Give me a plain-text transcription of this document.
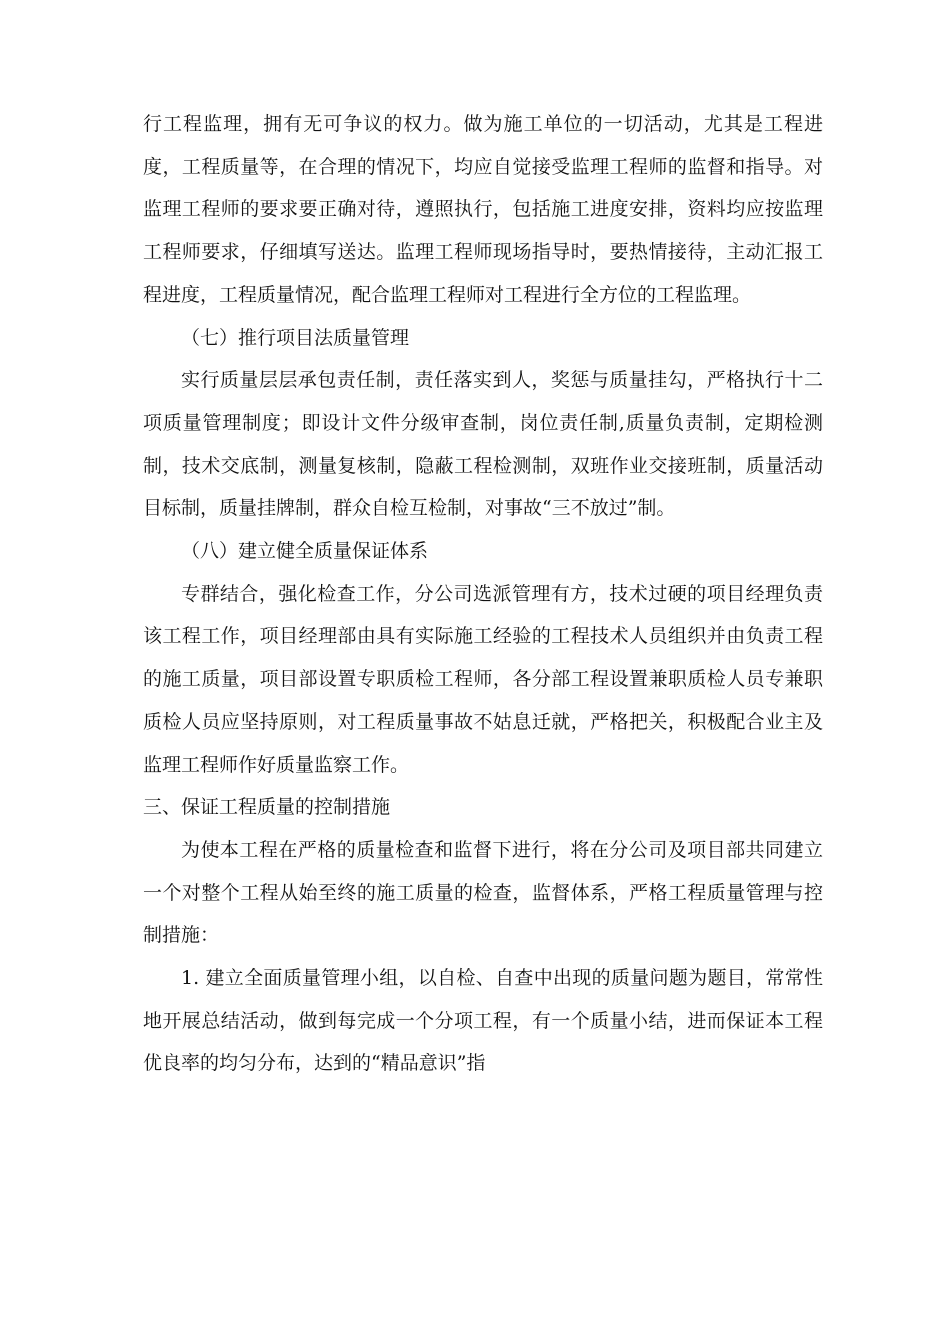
行工程监理，拥有无可争议的权力。做为施工单位的一切活动，尤其是工程进度，工程质量等，在合理的情况下，均应自觉接受监理工程师的监督和指导。对监理工程师的要求要正确对待，遵照执行，包括施工进度安排，资料均应按监理工程师要求，仔细填写送达。监理工程师现场指导时，要热情接待，主动汇报工程进度，工程质量情况，配合监理工程师对工程进行全方位的工程监理。

（七）推行项目法质量管理

实行质量层层承包责任制，责任落实到人，奖惩与质量挂勾，严格执行十二项质量管理制度；即设计文件分级审查制，岗位责任制,质量负责制，定期检测制，技术交底制，测量复核制，隐蔽工程检测制，双班作业交接班制，质量活动目标制，质量挂牌制，群众自检互检制，对事故“三不放过”制。

（八）建立健全质量保证体系

专群结合，强化检查工作，分公司选派管理有方，技术过硬的项目经理负责该工程工作，项目经理部由具有实际施工经验的工程技术人员组织并由负责工程的施工质量，项目部设置专职质检工程师，各分部工程设置兼职质检人员专兼职质检人员应坚持原则，对工程质量事故不姑息迁就，严格把关，积极配合业主及监理工程师作好质量监察工作。

三、保证工程质量的控制措施

为使本工程在严格的质量检查和监督下进行，将在分公司及项目部共同建立一个对整个工程从始至终的施工质量的检查，监督体系，严格工程质量管理与控制措施：

1. 建立全面质量管理小组，以自检、自查中出现的质量问题为题目，常常性地开展总结活动，做到每完成一个分项工程，有一个质量小结，进而保证本工程优良率的均匀分布，达到的“精品意识”指
